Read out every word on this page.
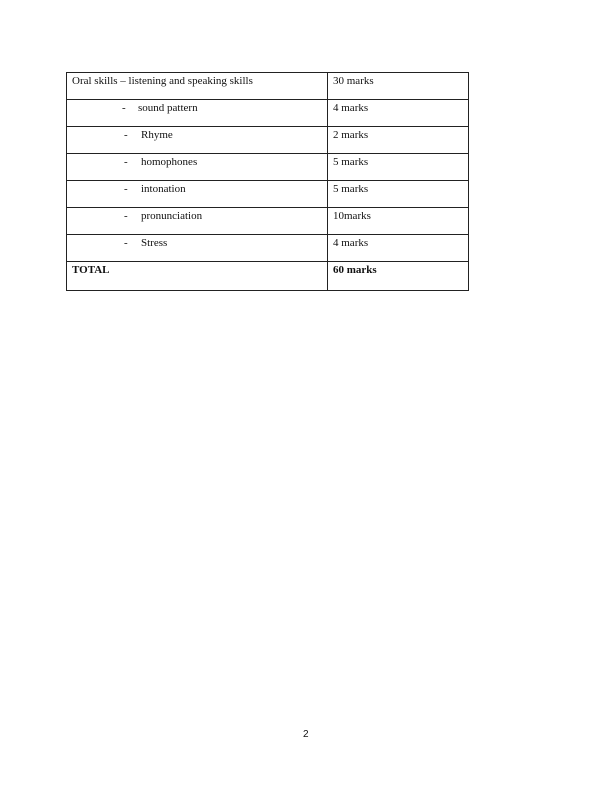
Oral skills – listening and speaking skills	30 marks
- sound pattern	4 marks
- Rhyme	2 marks
- homophones	5 marks
- intonation	5 marks
- pronunciation	10marks
- Stress	4 marks
TOTAL	60 marks
2
